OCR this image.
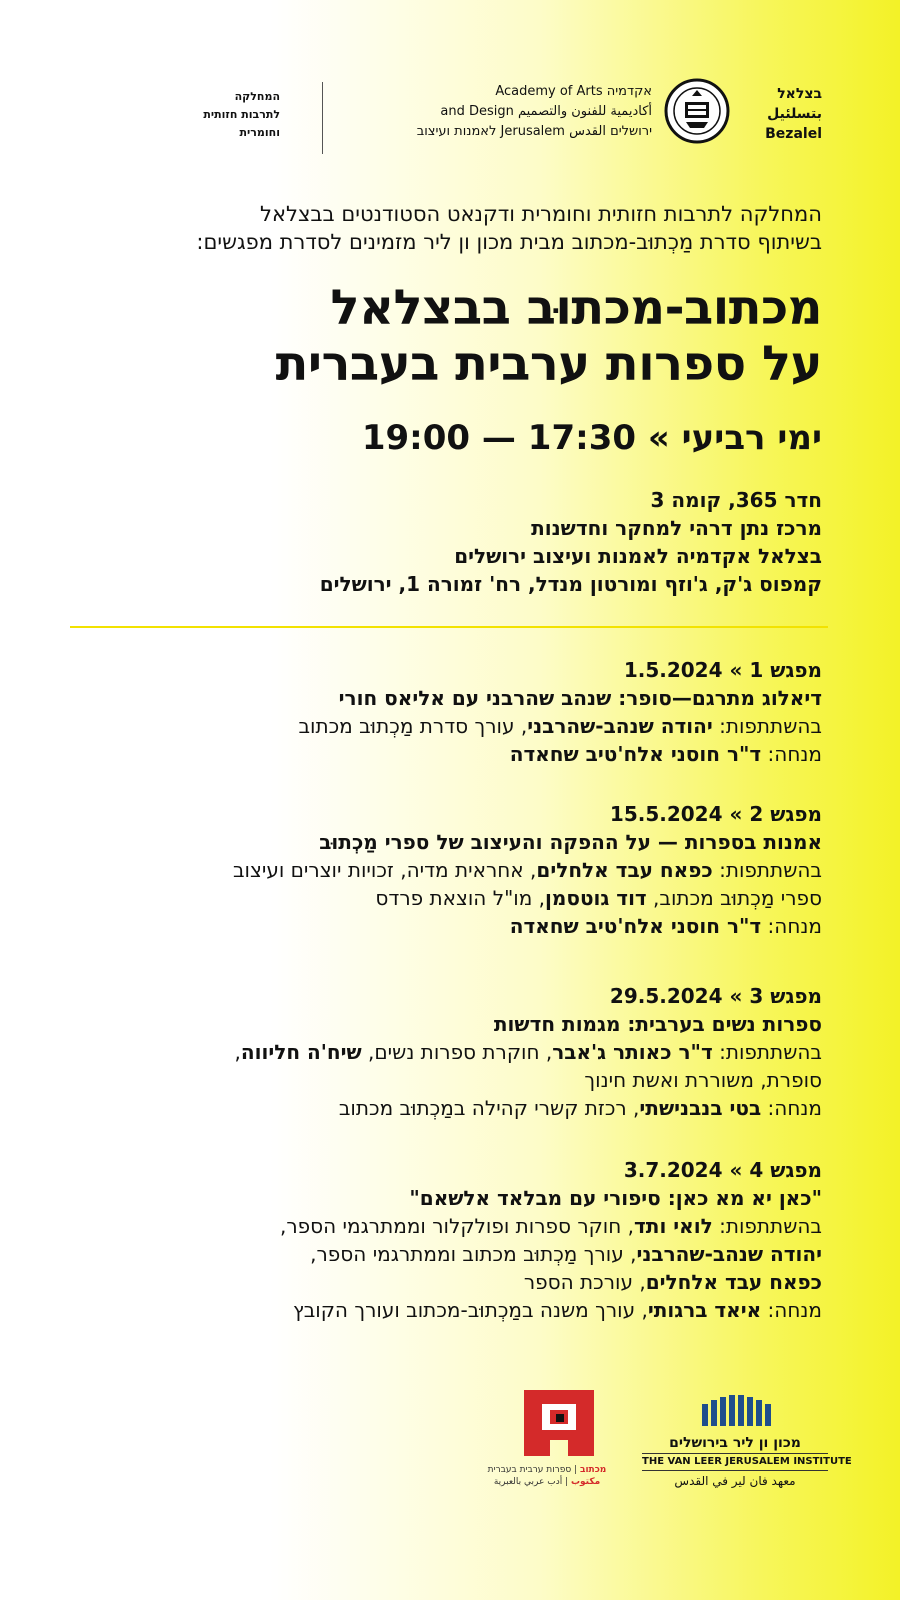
בצלאל
بتسلئيل
Bezalel
Academy of Arts אקדמיה
and Design أكاديمية للفنون والتصميم
לאמנות ועיצוב Jerusalem ירושלים القدس
המחלקה
לתרבות חזותית
וחומרית
המחלקה לתרבות חזותית וחומרית ודקנאט הסטודנטים בבצלאל
בשיתוף סדרת מַכְתוּב-מכתוב מבית מכון ון ליר מזמינים לסדרת מפגשים:
מכתוב-מכתוּב בבצלאל
על ספרות ערבית בעברית
ימי רביעי » 17:30 — 19:00
חדר 365, קומה 3
מרכז נתן דרהי למחקר וחדשנות
בצלאל אקדמיה לאמנות ועיצוב ירושלים
קמפוס ג'ק, ג'וזף ומורטון מנדל, רח' זמורה 1, ירושלים
מפגש 1 » 1.5.2024
דיאלוג מתרגם—סופר: שנהב שהרבני עם אליאס חורי
בהשתתפות: יהודה שנהב-שהרבני, עורך סדרת מַכְתוּב מכתוב
מנחה: ד"ר חוסני אלח'טיב שחאדה
מפגש 2 » 15.5.2024
אמנות בספרות — על ההפקה והעיצוב של ספרי מַכְתוּב
בהשתתפות: כפאח עבד אלחלים, אחראית מדיה, זכויות יוצרים ועיצוב
ספרי מַכְתוּב מכתוב, דוד גוטסמן, מו"ל הוצאת פרדס
מנחה: ד"ר חוסני אלח'טיב שחאדה
מפגש 3 » 29.5.2024
ספרות נשים בערבית: מגמות חדשות
בהשתתפות: ד"ר כאותר ג'אבר, חוקרת ספרות נשים, שיח'ה חליווה,
סופרת, משוררת ואשת חינוך
מנחה: בטי בנבנישתי, רכזת קשרי קהילה במַכְתוּב מכתוב
מפגש 4 » 3.7.2024
"כאן יא מא כאן: סיפורי עם מבלאד אלשאם"
בהשתתפות: לואי ותד, חוקר ספרות ופולקלור וממתרגמי הספר,
יהודה שנהב-שהרבני, עורך מַכְתוּב מכתוב וממתרגמי הספר,
כפאח עבד אלחלים, עורכת הספר
מנחה: איאד ברגותי, עורך משנה במַכְתוּב-מכתוב ועורך הקובץ
מכתוב | ספרות ערבית בעברית
مكتوب | أدب عربي بالعبرية
מכון ון ליר בירושלים
THE VAN LEER JERUSALEM INSTITUTE
معهد فان لير في القدس
